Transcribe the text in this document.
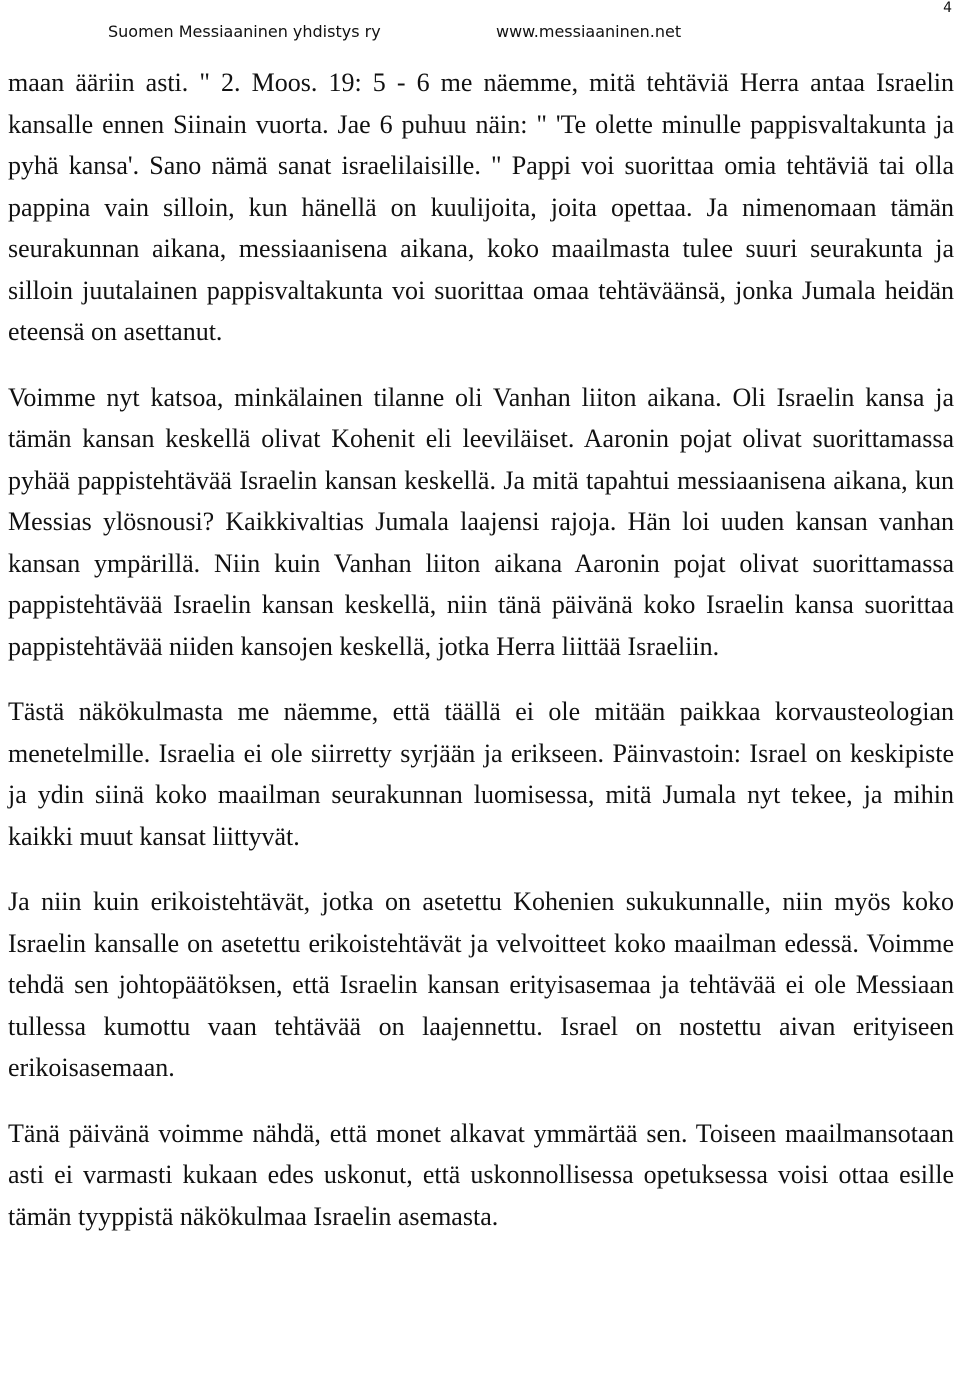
Suomen Messiaaninen yhdistys ry	www.messiaaninen.net
4

maan ääriin asti. " 2. Moos. 19: 5 - 6 me näemme, mitä tehtäviä Herra antaa Israelin kansalle ennen Siinain vuorta. Jae 6 puhuu näin: " 'Te olette minulle pappisvaltakunta ja pyhä kansa'. Sano nämä sanat israelilaisille. " Pappi voi suorittaa omia tehtäviä tai olla pappina vain silloin, kun hänellä on kuulijoita, joita opettaa. Ja nimenomaan tämän seurakunnan aikana, messiaanisena aikana, koko maailmasta tulee suuri seurakunta ja silloin juutalainen pappisvaltakunta voi suorittaa omaa tehtäväänsä, jonka Jumala heidän eteensä on asettanut.

Voimme nyt katsoa, minkälainen tilanne oli Vanhan liiton aikana. Oli Israelin kansa ja tämän kansan keskellä olivat Kohenit eli leeviläiset. Aaronin pojat olivat suorittamassa pyhää pappistehtävää Israelin kansan keskellä. Ja mitä tapahtui messiaanisena aikana, kun Messias ylösnousi? Kaikkivaltias Jumala laajensi rajoja. Hän loi uuden kansan vanhan kansan ympärillä. Niin kuin Vanhan liiton aikana Aaronin pojat olivat suorittamassa pappistehtävää Israelin kansan keskellä, niin tänä päivänä koko Israelin kansa suorittaa pappistehtävää niiden kansojen keskellä, jotka Herra liittää Israeliin.

Tästä näkökulmasta me näemme, että täällä ei ole mitään paikkaa korvausteologian menetelmille. Israelia ei ole siirretty syrjään ja erikseen. Päinvastoin: Israel on keskipiste ja ydin siinä koko maailman seurakunnan luomisessa, mitä Jumala nyt tekee, ja mihin kaikki muut kansat liittyvät.

Ja niin kuin erikoistehtävät, jotka on asetettu Kohenien sukukunnalle, niin myös koko Israelin kansalle on asetettu erikoistehtävät ja velvoitteet koko maailman edessä. Voimme tehdä sen johtopäätöksen, että Israelin kansan erityisasemaa ja tehtävää ei ole Messiaan tullessa kumottu vaan tehtävää on laajennettu. Israel on nostettu aivan erityiseen erikoisasemaan.

Tänä päivänä voimme nähdä, että monet alkavat ymmärtää sen. Toiseen maailmansotaan asti ei varmasti kukaan edes uskonut, että uskonnollisessa opetuksessa voisi ottaa esille tämän tyyppistä näkökulmaa Israelin asemasta.
